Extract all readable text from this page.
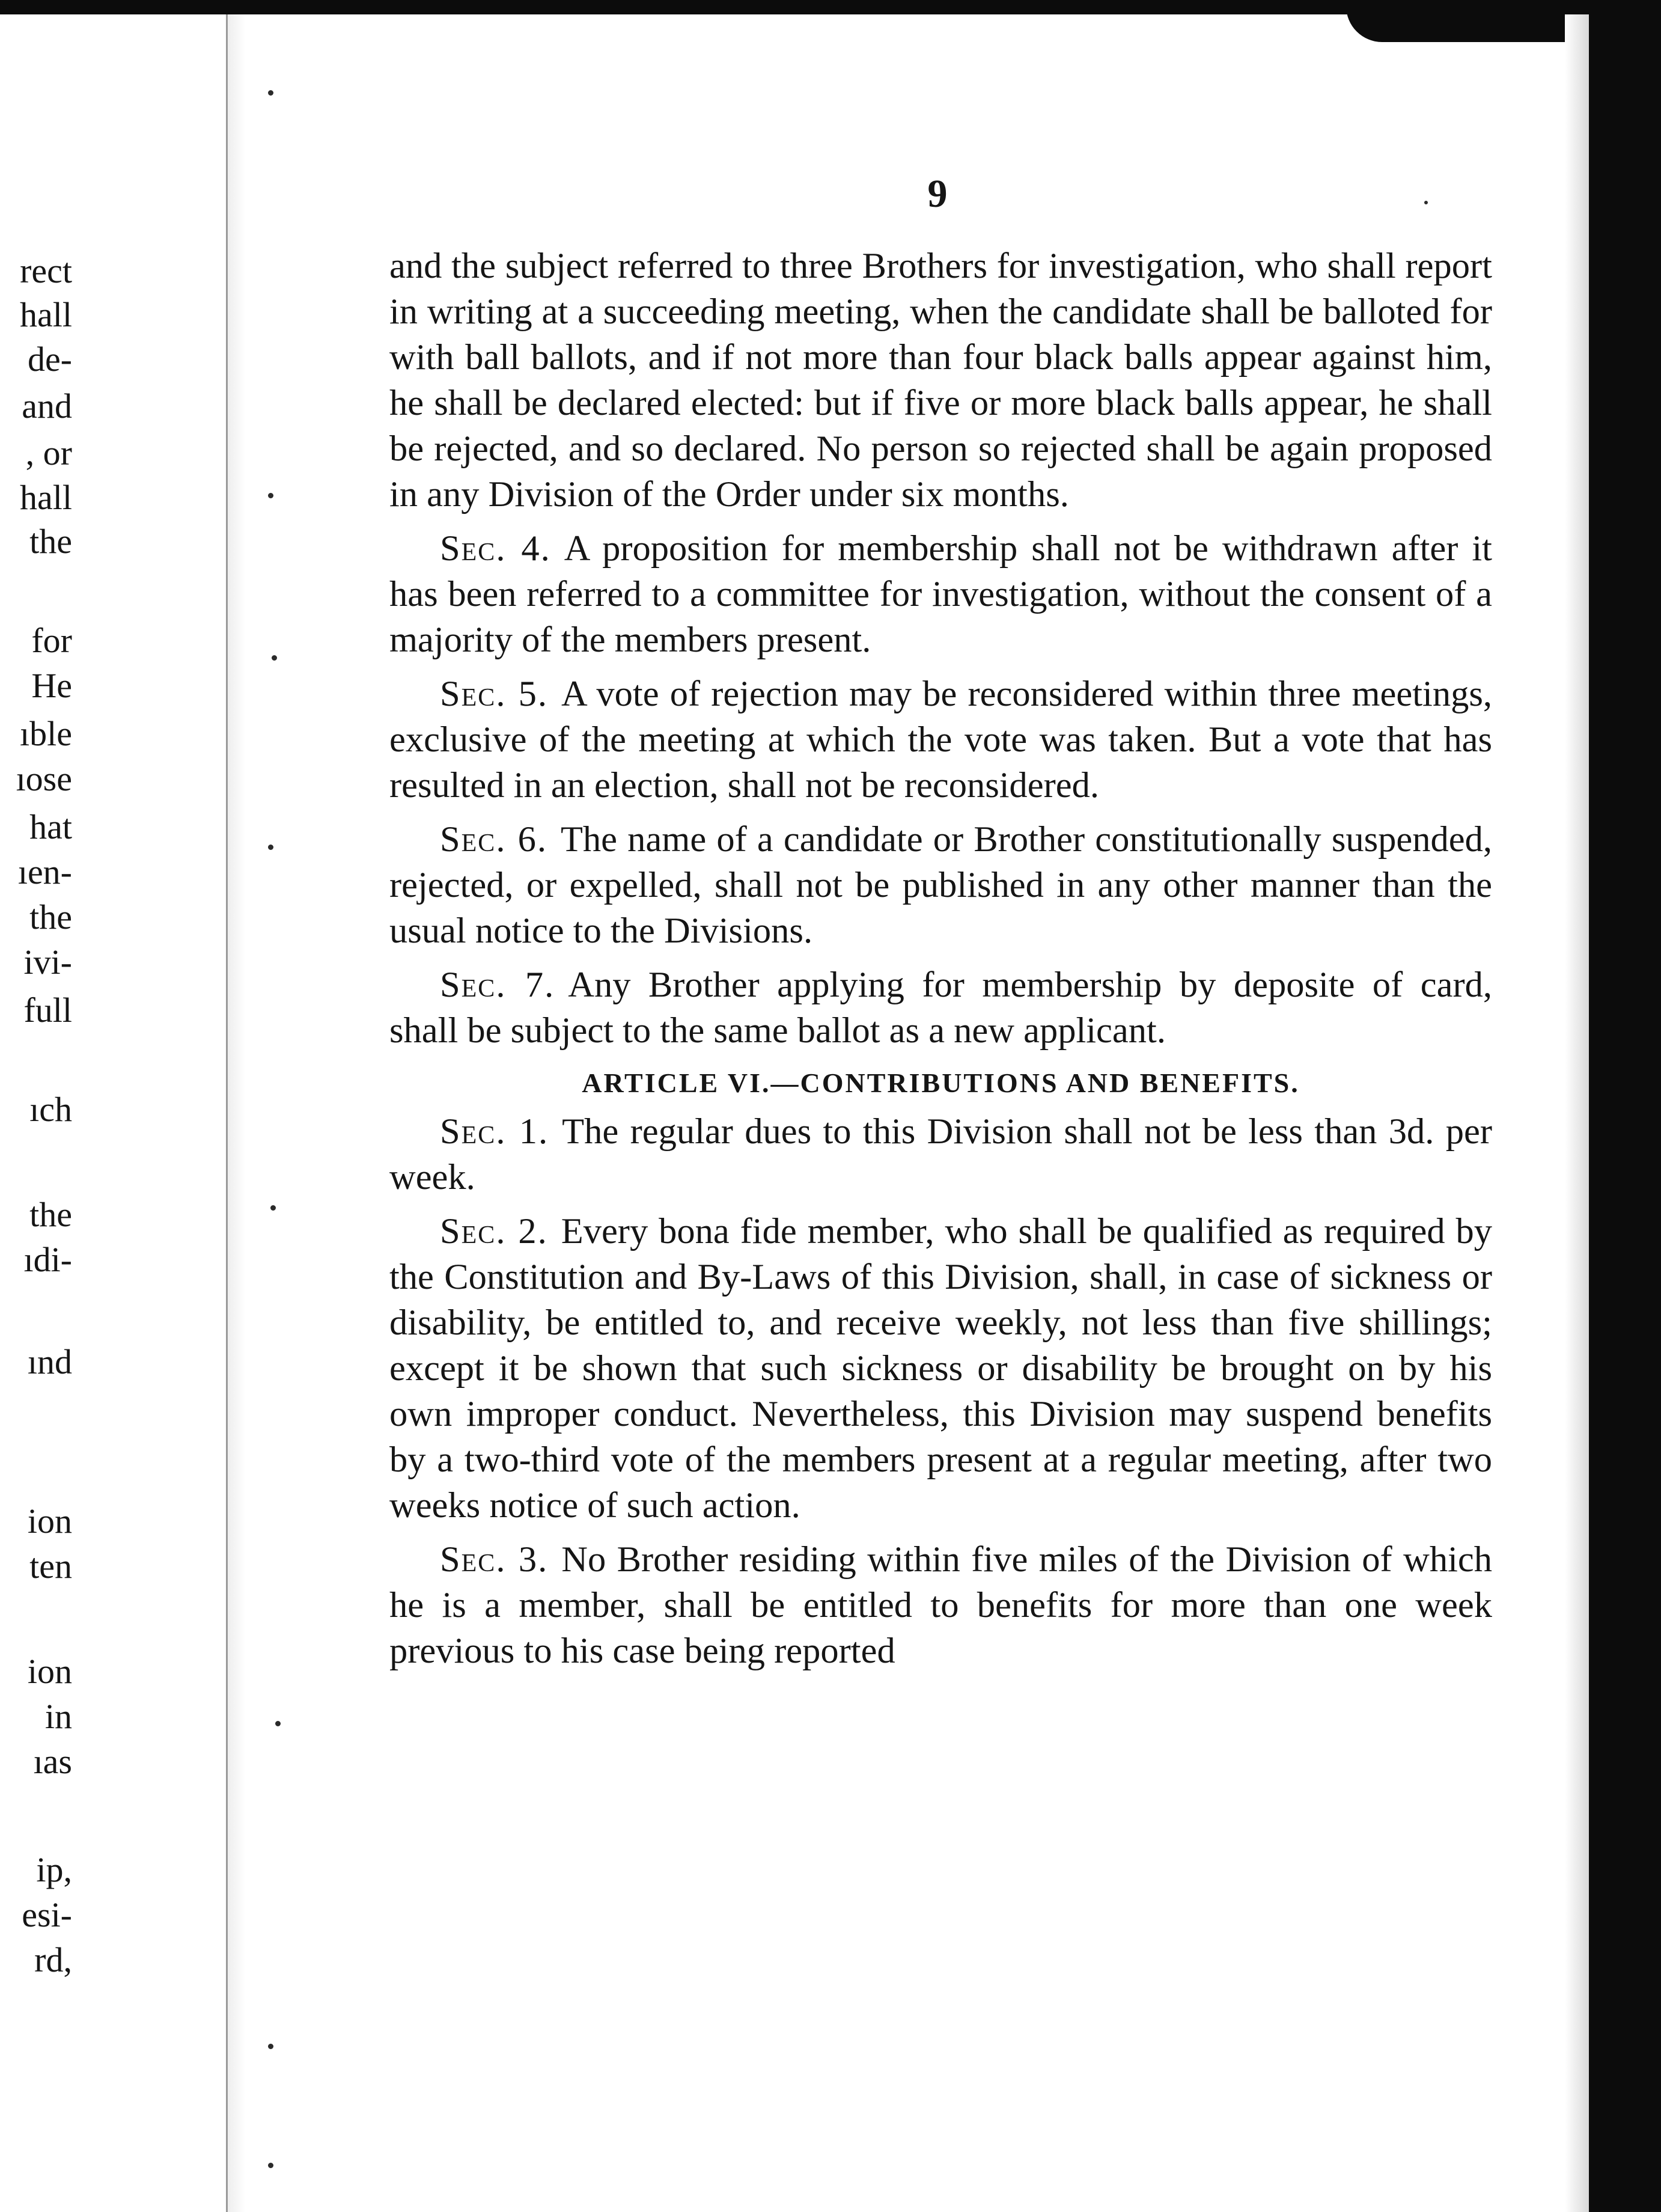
rect
hall
de-
and
, or
hall
the
for
He
ıble
ıose
hat
ıen-
the
ivi-
full
ıch
the
ıdi-
ınd
ion
ten
ion
in
ıas
ip,
esi-
rd,
9

and the subject referred to three Brothers for investigation, who shall report in writing at a succeeding meeting, when the candidate shall be balloted for with ball ballots, and if not more than four black balls appear against him, he shall be declared elected: but if five or more black balls appear, he shall be rejected, and so declared. No person so rejected shall be again proposed in any Division of the Order under six months.

Sec. 4. A proposition for membership shall not be withdrawn after it has been referred to a committee for investigation, without the consent of a majority of the members present.

Sec. 5. A vote of rejection may be reconsidered within three meetings, exclusive of the meeting at which the vote was taken. But a vote that has resulted in an election, shall not be reconsidered.

Sec. 6. The name of a candidate or Brother constitutionally suspended, rejected, or expelled, shall not be published in any other manner than the usual notice to the Divisions.

Sec. 7. Any Brother applying for membership by deposite of card, shall be subject to the same ballot as a new applicant.

ARTICLE VI.—CONTRIBUTIONS AND BENEFITS.

Sec. 1. The regular dues to this Division shall not be less than 3d. per week.

Sec. 2. Every bona fide member, who shall be qualified as required by the Constitution and By-Laws of this Division, shall, in case of sickness or disability, be entitled to, and receive weekly, not less than five shillings; except it be shown that such sickness or disability be brought on by his own improper conduct. Nevertheless, this Division may suspend benefits by a two-third vote of the members present at a regular meeting, after two weeks notice of such action.

Sec. 3. No Brother residing within five miles of the Division of which he is a member, shall be entitled to benefits for more than one week previous to his case being reported
